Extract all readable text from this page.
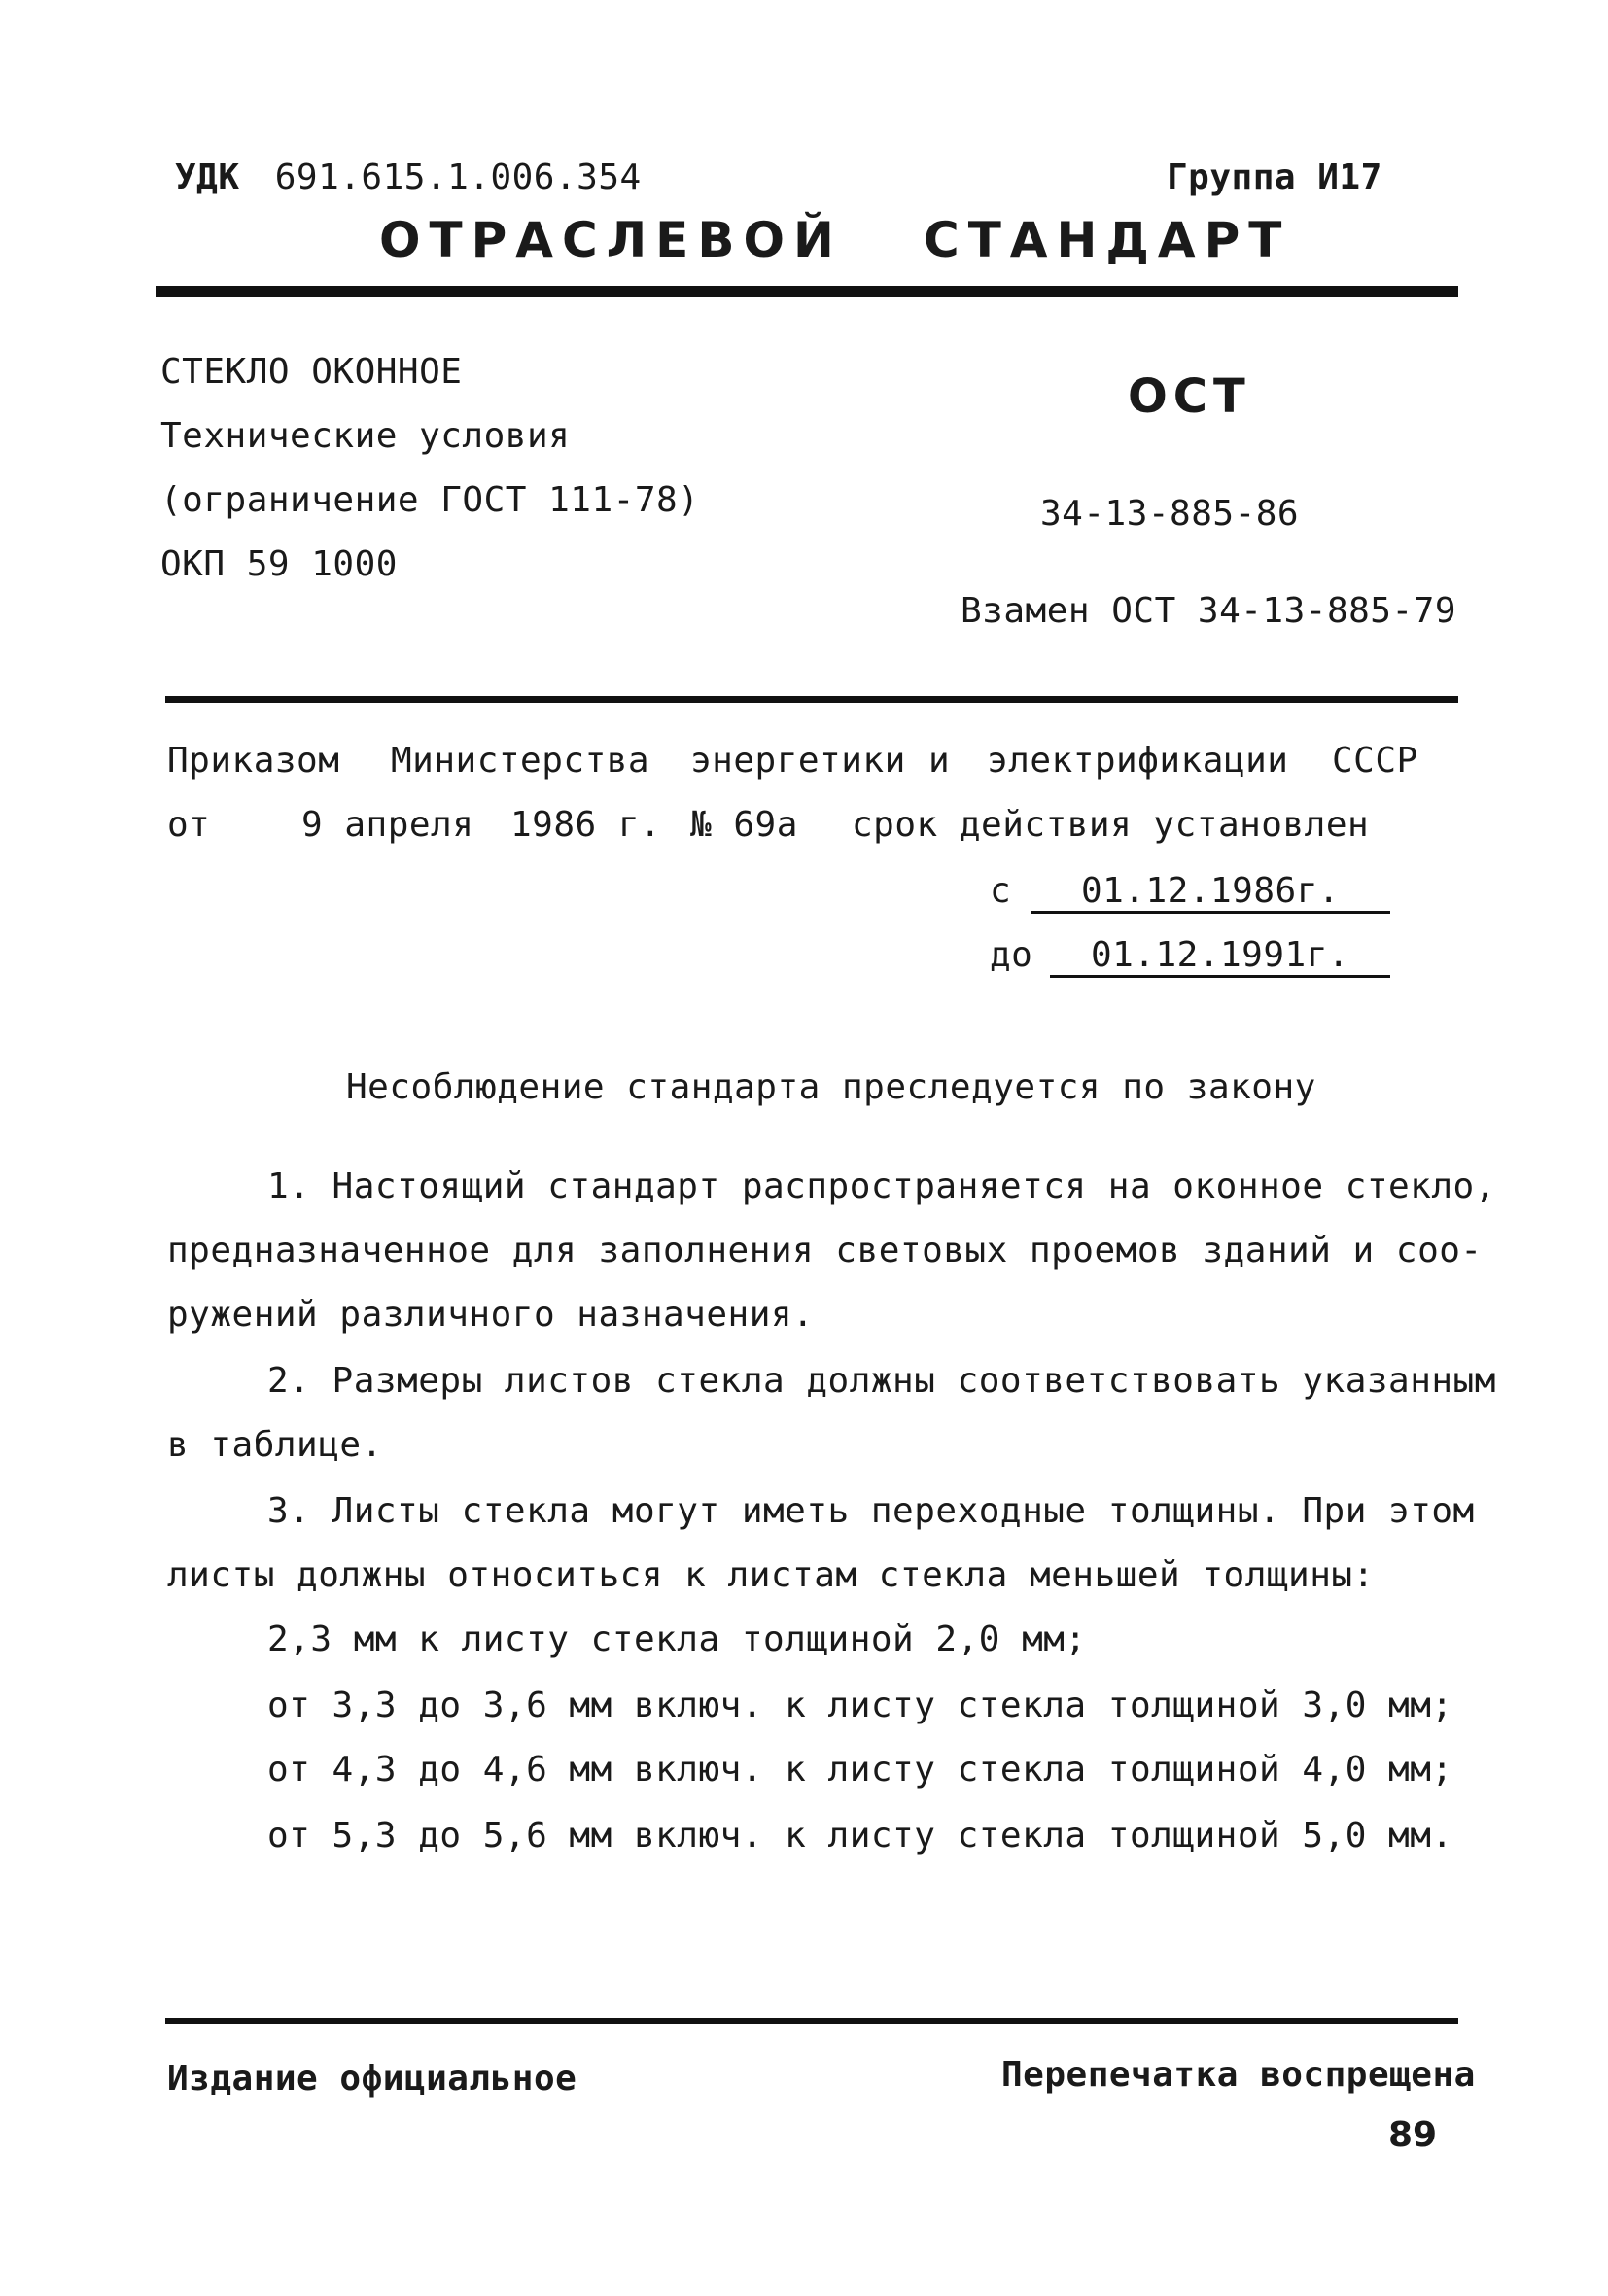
УДК 691.615.1.006.354	Группа И17
ОТРАСЛЕВОЙ СТАНДАРТ
СТЕКЛО ОКОННОЕ
Технические условия
(ограничение ГОСТ 111-78)
ОКП 59 1000
ОСТ
34-13-885-86
Взамен ОСТ 34-13-885-79
Приказом Министерства энергетики и электрификации СССР
от	9 апреля 1986 г. № 69а срок действия установлен
с	01.12.1986г.
до	01.12.1991г.
Несоблюдение стандарта преследуется по закону
1. Настоящий стандарт распространяется на оконное стекло,
предназначенное для заполнения световых проемов зданий и соо-
ружений различного назначения.
2. Размеры листов стекла должны соответствовать указанным
в таблице.
3. Листы стекла могут иметь переходные толщины. При этом
листы должны относиться к листам стекла меньшей толщины:
2,3 мм к листу стекла толщиной 2,0 мм;
от 3,3 до 3,6 мм включ. к листу стекла толщиной 3,0 мм;
от 4,3 до 4,6 мм включ. к листу стекла толщиной 4,0 мм;
от 5,3 до 5,6 мм включ. к листу стекла толщиной 5,0 мм.
Издание официальное	Перепечатка воспрещена
89
